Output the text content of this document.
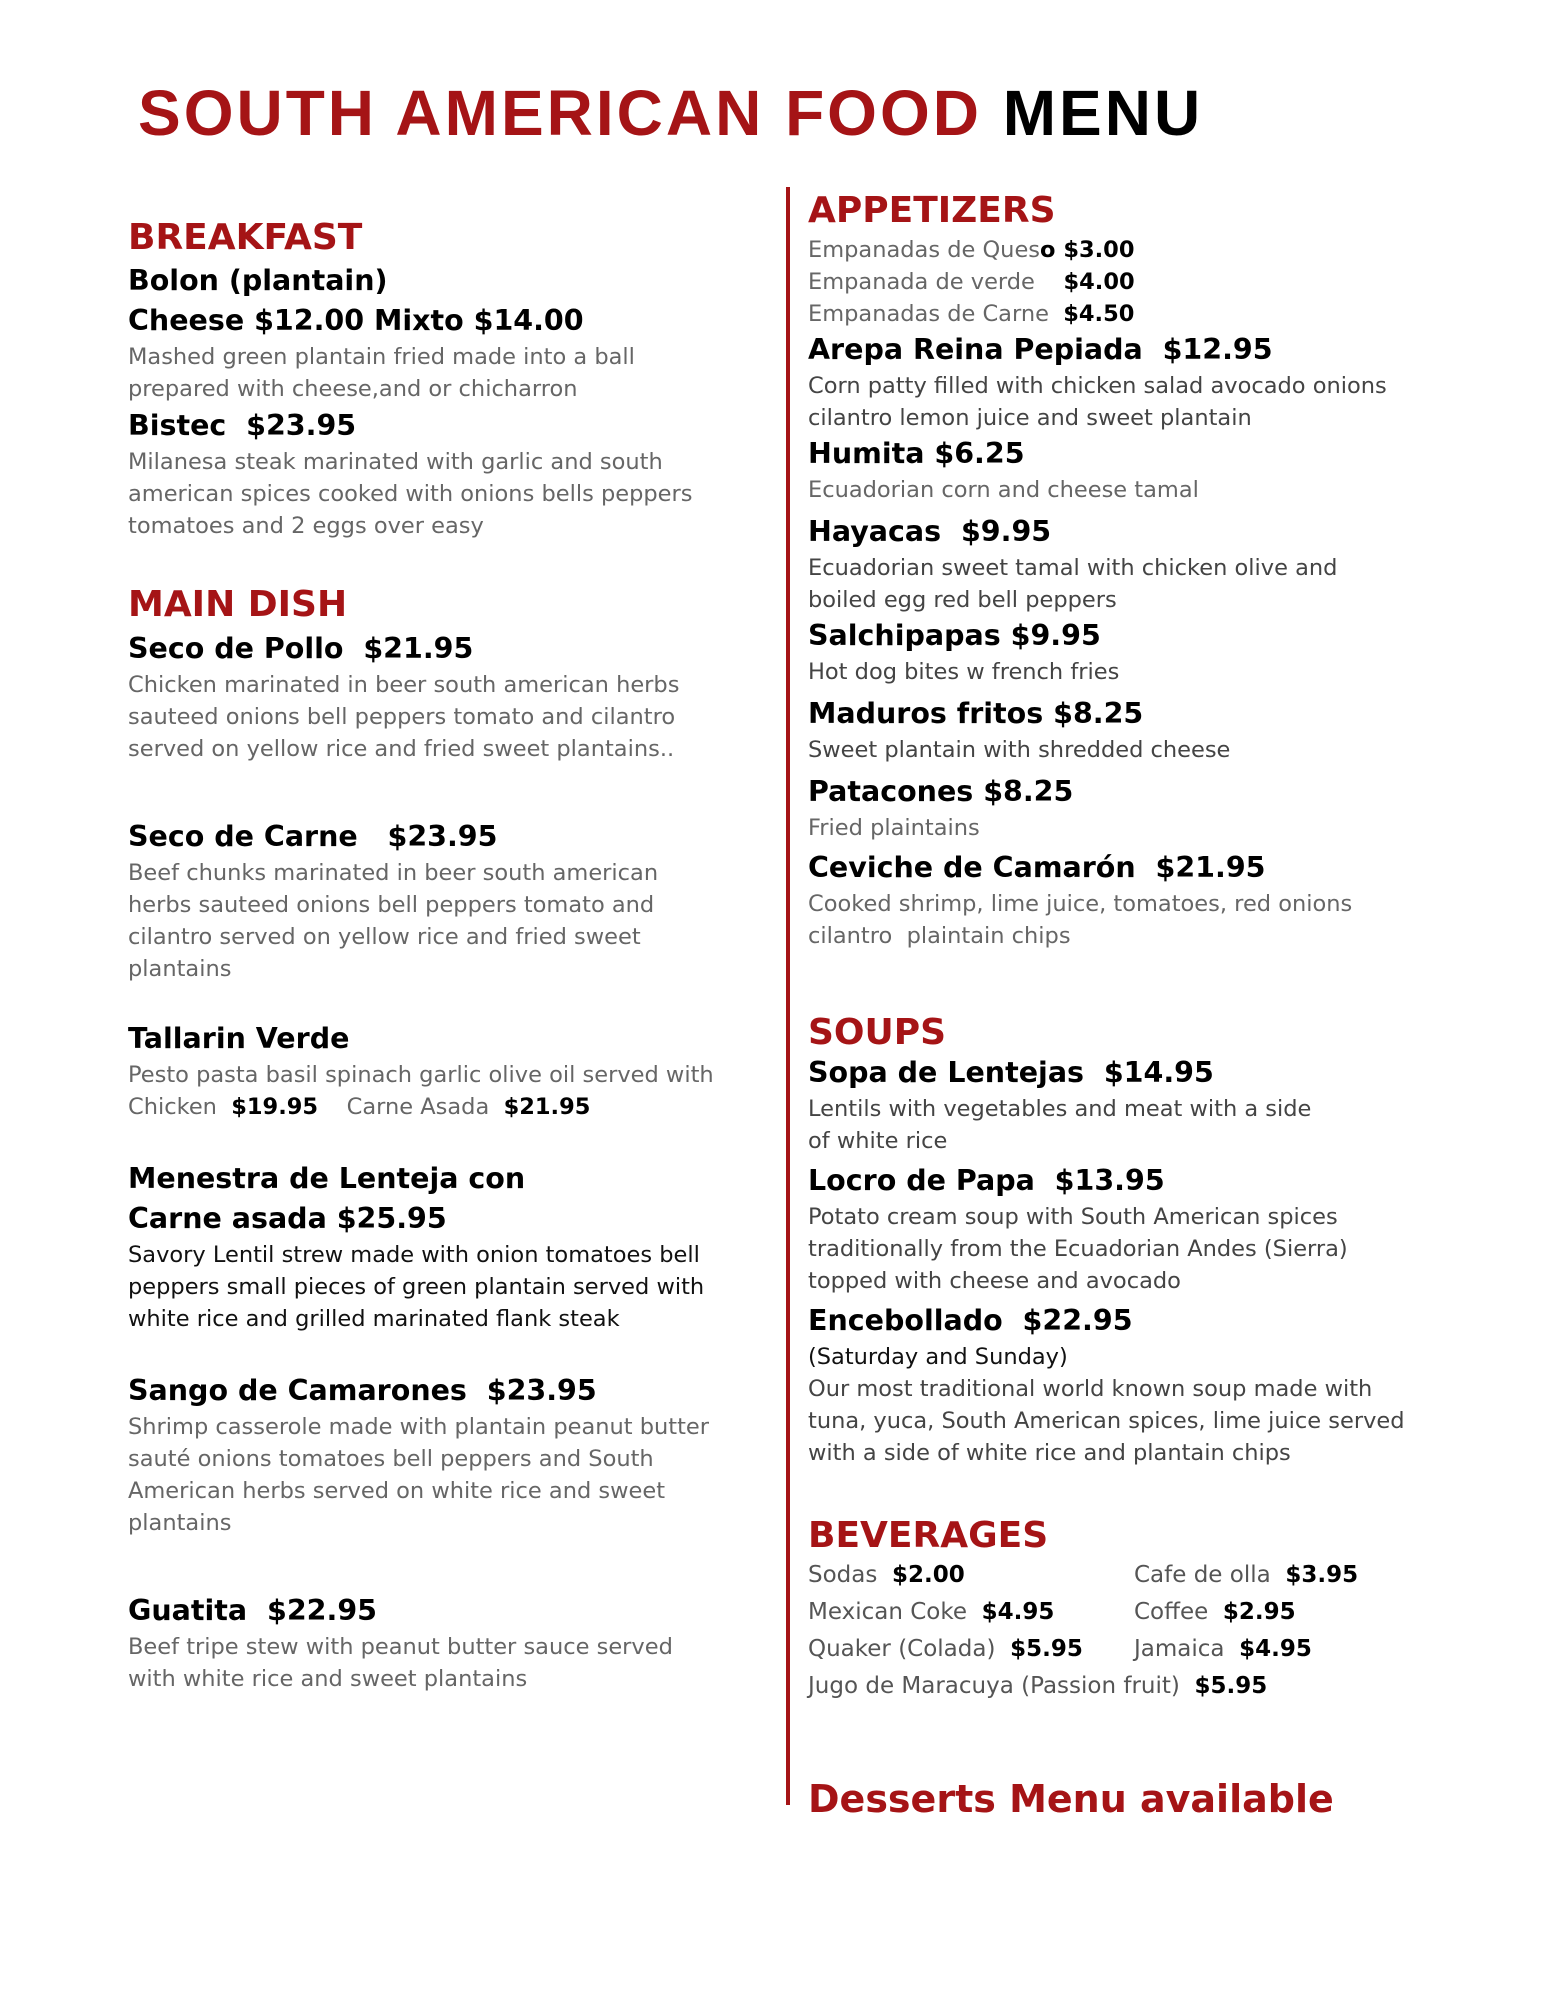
SOUTH AMERICAN FOOD MENU
BREAKFAST
Bolon (plantain)
Cheese $12.00 Mixto $14.00
Mashed green plantain fried made into a ball
prepared with cheese,and or chicharron
Bistec  $23.95
Milanesa steak marinated with garlic and south
american spices cooked with onions bells peppers
tomatoes and 2 eggs over easy
MAIN DISH
Seco de Pollo  $21.95
Chicken marinated in beer south american herbs
sauteed onions bell peppers tomato and cilantro
served on yellow rice and fried sweet plantains..
Seco de Carne   $23.95
Beef chunks marinated in beer south american
herbs sauteed onions bell peppers tomato and
cilantro served on yellow rice and fried sweet
plantains
Tallarin Verde
Pesto pasta basil spinach garlic olive oil served with
Chicken  $19.95    Carne Asada  $21.95
Menestra de Lenteja con
Carne asada $25.95
Savory Lentil strew made with onion tomatoes bell
peppers small pieces of green plantain served with
white rice and grilled marinated flank steak
Sango de Camarones  $23.95
Shrimp casserole made with plantain peanut butter
sauté onions tomatoes bell peppers and South
American herbs served on white rice and sweet
plantains
Guatita  $22.95
Beef tripe stew with peanut butter sauce served
with white rice and sweet plantains
APPETIZERS
Empanadas de Queso $3.00
Empanada de verde    $4.00
Empanadas de Carne  $4.50
Arepa Reina Pepiada  $12.95
Corn patty filled with chicken salad avocado onions
cilantro lemon juice and sweet plantain
Humita $6.25
Ecuadorian corn and cheese tamal
Hayacas  $9.95
Ecuadorian sweet tamal with chicken olive and
boiled egg red bell peppers
Salchipapas $9.95
Hot dog bites w french fries
Maduros fritos $8.25
Sweet plantain with shredded cheese
Patacones $8.25
Fried plaintains
Ceviche de Camarón  $21.95
Cooked shrimp, lime juice, tomatoes, red onions
cilantro  plaintain chips
SOUPS
Sopa de Lentejas  $14.95
Lentils with vegetables and meat with a side
of white rice
Locro de Papa  $13.95
Potato cream soup with South American spices
traditionally from the Ecuadorian Andes (Sierra)
topped with cheese and avocado
Encebollado  $22.95
(Saturday and Sunday)
Our most traditional world known soup made with
tuna, yuca, South American spices, lime juice served
with a side of white rice and plantain chips
BEVERAGES
Sodas  $2.00	Cafe de olla  $3.95
Mexican Coke  $4.95	Coffee  $2.95
Quaker (Colada)  $5.95	Jamaica  $4.95
Jugo de Maracuya (Passion fruit)  $5.95
Desserts Menu available
